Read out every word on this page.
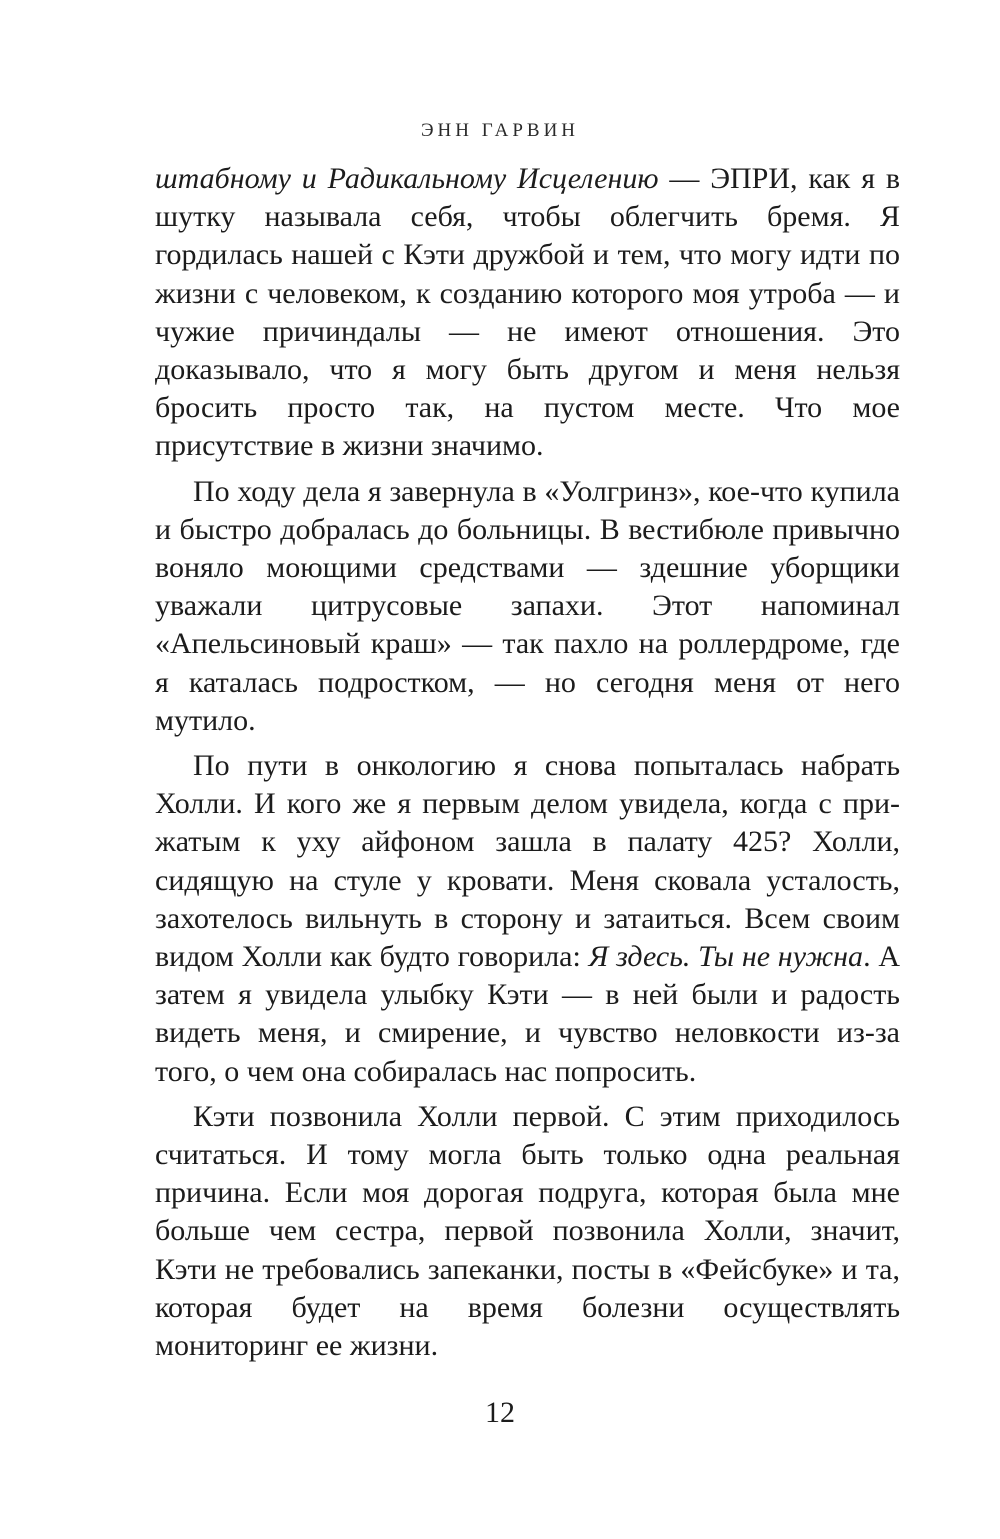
ЭНН ГАРВИН

штабному и Радикальному Исцелению — ЭПРИ, как я в шутку называла себя, чтобы облегчить бремя. Я гордилась нашей с Кэти дружбой и тем, что могу идти по жизни с человеком, к созданию которого моя утроба — и чужие причиндалы — не имеют отношения. Это доказывало, что я могу быть другом и меня нельзя бросить просто так, на пустом месте. Что мое присутствие в жизни значимо.

По ходу дела я завернула в «Уолгринз», кое-что купила и быстро добралась до больницы. В вестибюле привычно воняло моющими средствами — здешние уборщики уважали цитрусовые запахи. Этот напоминал «Апельсиновый краш» — так пахло на роллердроме, где я каталась подростком, — но сегодня меня от него мутило.

По пути в онкологию я снова попыталась набрать Холли. И кого же я первым делом увидела, когда с прижатым к уху айфоном зашла в палату 425? Холли, сидящую на стуле у кровати. Меня сковала усталость, захотелось вильнуть в сторону и затаиться. Всем своим видом Холли как будто говорила: Я здесь. Ты не нужна. А затем я увидела улыбку Кэти — в ней были и радость видеть меня, и смирение, и чувство неловкости из-за того, о чем она собиралась нас попросить.

Кэти позвонила Холли первой. С этим приходилось считаться. И тому могла быть только одна реальная причина. Если моя дорогая подруга, которая была мне больше чем сестра, первой позвонила Холли, значит, Кэти не требовались запеканки, посты в «Фейсбуке» и та, которая будет на время болезни осуществлять мониторинг ее жизни.

12
